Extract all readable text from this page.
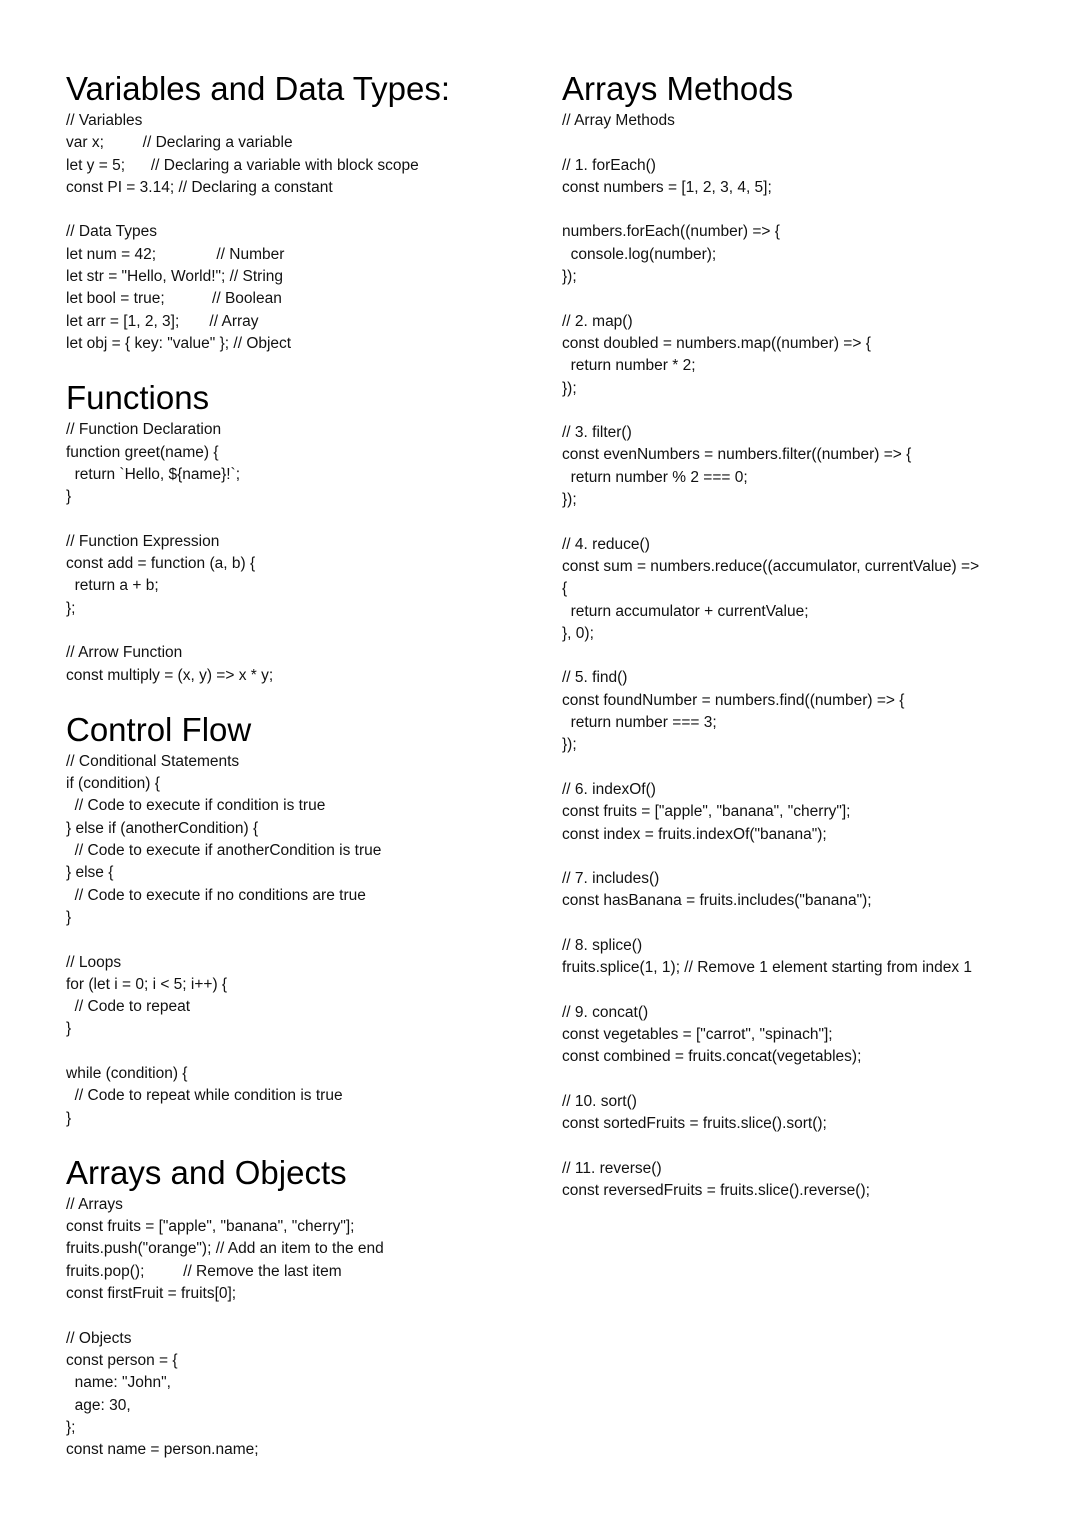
Variables and Data Types:
// Variables
var x;         // Declaring a variable
let y = 5;      // Declaring a variable with block scope
const PI = 3.14; // Declaring a constant
// Data Types
let num = 42;              // Number
let str = "Hello, World!"; // String
let bool = true;           // Boolean
let arr = [1, 2, 3];       // Array
let obj = { key: "value" }; // Object
Functions
// Function Declaration
function greet(name) {
return `Hello, ${name}!`;
}
// Function Expression
const add = function (a, b) {
return a + b;
};
// Arrow Function
const multiply = (x, y) => x * y;
Control Flow
// Conditional Statements
if (condition) {
// Code to execute if condition is true
} else if (anotherCondition) {
// Code to execute if anotherCondition is true
} else {
// Code to execute if no conditions are true
}
// Loops
for (let i = 0; i < 5; i++) {
// Code to repeat
}
while (condition) {
// Code to repeat while condition is true
}
Arrays and Objects
// Arrays
const fruits = ["apple", "banana", "cherry"];
fruits.push("orange"); // Add an item to the end
fruits.pop();         // Remove the last item
const firstFruit = fruits[0];
// Objects
const person = {
name: "John",
age: 30,
};
const name = person.name;
Arrays Methods
// Array Methods
// 1. forEach()
const numbers = [1, 2, 3, 4, 5];
numbers.forEach((number) => {
console.log(number);
});
// 2. map()
const doubled = numbers.map((number) => {
return number * 2;
});
// 3. filter()
const evenNumbers = numbers.filter((number) => {
return number % 2 === 0;
});
// 4. reduce()
const sum = numbers.reduce((accumulator, currentValue) =>
{
return accumulator + currentValue;
}, 0);
// 5. find()
const foundNumber = numbers.find((number) => {
return number === 3;
});
// 6. indexOf()
const fruits = ["apple", "banana", "cherry"];
const index = fruits.indexOf("banana");
// 7. includes()
const hasBanana = fruits.includes("banana");
// 8. splice()
fruits.splice(1, 1); // Remove 1 element starting from index 1
// 9. concat()
const vegetables = ["carrot", "spinach"];
const combined = fruits.concat(vegetables);
// 10. sort()
const sortedFruits = fruits.slice().sort();
// 11. reverse()
const reversedFruits = fruits.slice().reverse();
